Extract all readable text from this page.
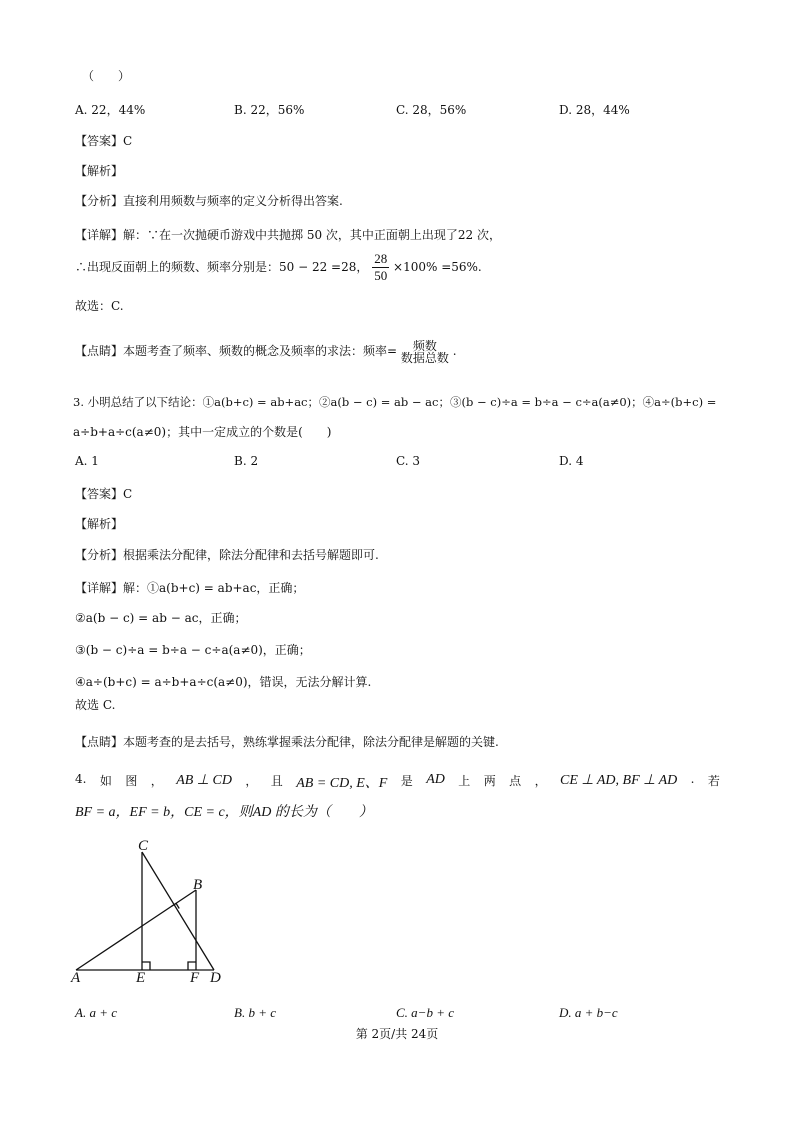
（　　）
A. 22，44%	B. 22，56%	C. 28，56%	D. 28，44%
【答案】C
【解析】
【分析】直接利用频数与频率的定义分析得出答案.
【详解】解：∵在一次抛硬币游戏中共抛掷 50 次，其中正面朝上出现了22 次，
∴出现反面朝上的频数、频率分别是：50 − 22 =28， $\frac{28}{50} \times 100\% =56\%$.
故选：C.
【点睛】本题考查了频率、频数的概念及频率的求法：频率=	频数
数据总数 .
3. 小明总结了以下结论：①a(b+c) = ab+ac；②a(b − c) = ab − ac；③(b − c)÷a = b÷a − c÷a(a≠0)；④a÷(b+c) =
a÷b+a÷c(a≠0)；其中一定成立的个数是(　　)
A. 1	B. 2	C. 3	D. 4
【答案】C
【解析】
【分析】根据乘法分配律，除法分配律和去括号解题即可.
【详解】解：①a(b+c) = ab+ac，正确；
②a(b − c) = ab − ac，正确；
③(b − c)÷a = b÷a − c÷a(a≠0)，正确；
④a÷(b+c) = a÷b+a÷c(a≠0)，错误，无法分解计算.
故选 C.
【点睛】本题考查的是去括号，熟练掌握乘法分配律，除法分配律是解题的关键.
4. 如 图 ， AB ⊥ CD ， 且 AB = CD, E、F 是 AD 上 两 点 ， CE ⊥ AD, BF ⊥ AD . 若
BF = a，EF = b，CE = c，则AD 的长为（　　）
C
B
A	E	F D
A. a + c	B. b + c	C. a−b + c	D. a + b−c
第 2页/共 24页
